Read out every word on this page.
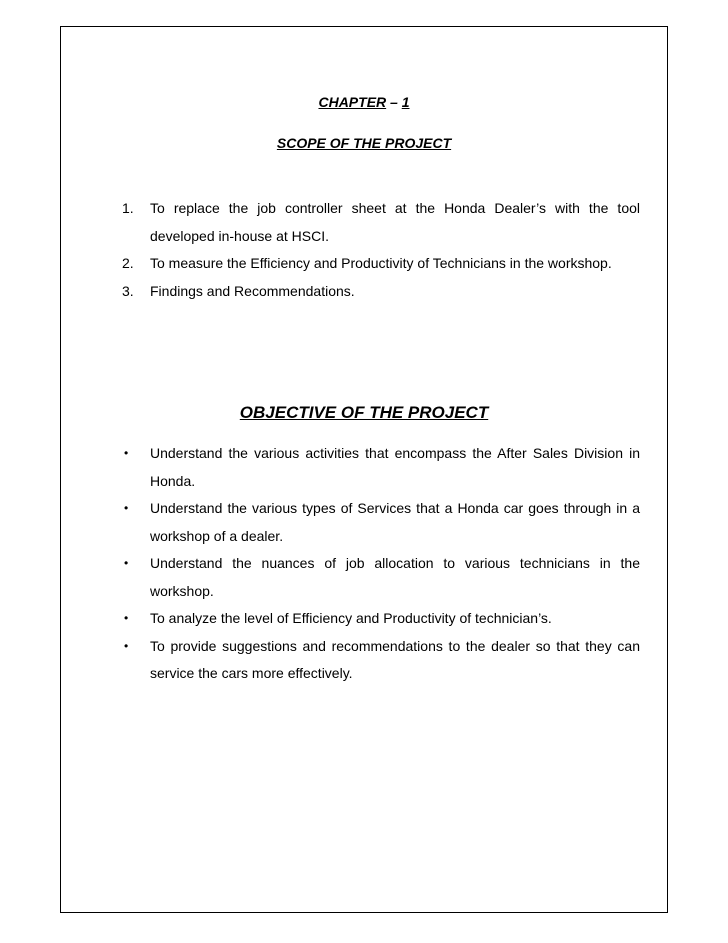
CHAPTER – 1
SCOPE OF THE PROJECT
1. To replace the job controller sheet at the Honda Dealer’s with the tool developed in-house at HSCI.
2. To measure the Efficiency and Productivity of Technicians in the workshop.
3. Findings and Recommendations.
OBJECTIVE OF THE PROJECT
• Understand the various activities that encompass the After Sales Division in Honda.
• Understand the various types of Services that a Honda car goes through in a workshop of a dealer.
• Understand the nuances of job allocation to various technicians in the workshop.
• To analyze the level of Efficiency and Productivity of technician’s.
• To provide suggestions and recommendations to the dealer so that they can service the cars more effectively.
